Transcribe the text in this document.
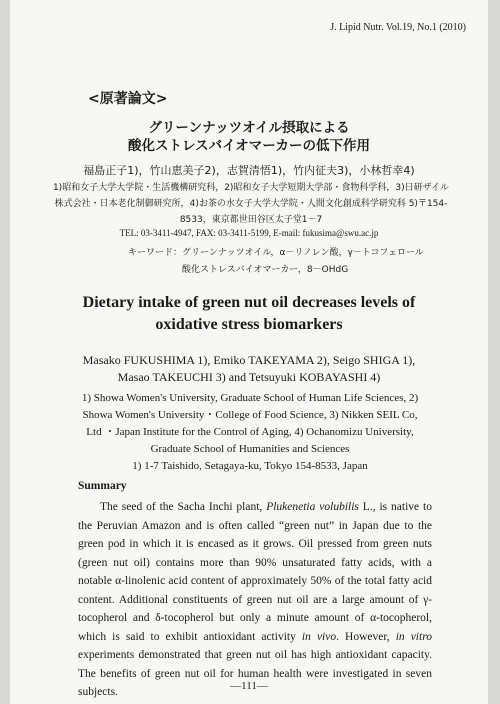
J. Lipid Nutr. Vol.19, No.1 (2010)
<原著論文>
グリーンナッツオイル摂取による
酸化ストレスバイオマーカーの低下作用
福島正子1)，竹山恵美子2)，志賀清悟1)，竹内征夫3)，小林哲幸4)
1)昭和女子大学大学院・生活機構研究科，2)昭和女子大学短期大学部・食物科学科，3)日研ザイル株式会社・日本老化制御研究所，4)お茶の水女子大学大学院・人間文化創成科学研究科 5)〒154-8533，東京都世田谷区太子堂1－7
TEL: 03-3411-4947, FAX: 03-3411-5199, E-mail: fukusima@swu.ac.jp
キーワード：グリーンナッツオイル，α－リノレン酸，γ－トコフェロール
酸化ストレスバイオマーカー，8－OHdG
Dietary intake of green nut oil decreases levels of
oxidative stress biomarkers
Masako FUKUSHIMA 1), Emiko TAKEYAMA 2), Seigo SHIGA 1),
Masao TAKEUCHI 3) and Tetsuyuki KOBAYASHI 4)
1) Showa Women's University, Graduate School of Human Life Sciences, 2) Showa Women's University・College of Food Science, 3) Nikken SEIL Co, Ltd ・Japan Institute for the Control of Aging, 4) Ochanomizu University, Graduate School of Humanities and Sciences
1) 1-7 Taishido, Setagaya-ku, Tokyo 154-8533, Japan
Summary

The seed of the Sacha Inchi plant, Plukenetia volubilis L., is native to the Peruvian Amazon and is often called “green nut” in Japan due to the green pod in which it is encased as it grows. Oil pressed from green nuts (green nut oil) contains more than 90% unsaturated fatty acids, with a notable α-linolenic acid content of approximately 50% of the total fatty acid content. Additional constituents of green nut oil are a large amount of γ-tocopherol and δ-tocopherol but only a minute amount of α-tocopherol, which is said to exhibit antioxidant activity in vivo. However, in vitro experiments demonstrated that green nut oil has high antioxidant capacity. The benefits of green nut oil for human health were investigated in seven subjects.	—111—
